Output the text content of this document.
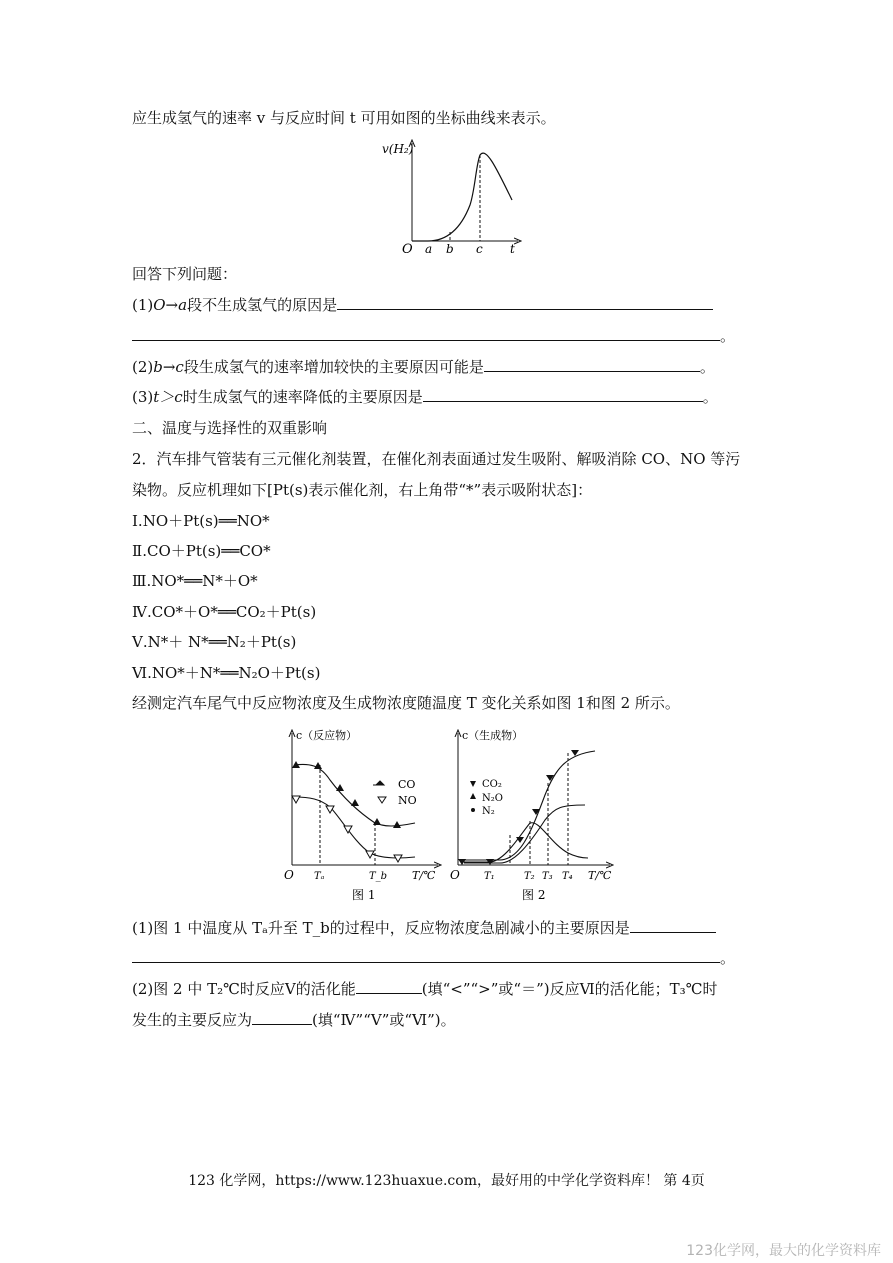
应生成氢气的速率 v 与反应时间 t 可用如图的坐标曲线来表示。
v(H₂)
O a b c t
回答下列问题：
(1)O→a段不生成氢气的原因是
。
(2)b→c段生成氢气的速率增加较快的主要原因可能是	。
(3)t＞c时生成氢气的速率降低的主要原因是	。
二、温度与选择性的双重影响
2．汽车排气管装有三元催化剂装置，在催化剂表面通过发生吸附、解吸消除 CO、NO 等污
染物。反应机理如下[Pt(s)表示催化剂，右上角带“*”表示吸附状态]：
Ⅰ.NO＋Pt(s)══NO*
Ⅱ.CO＋Pt(s)══CO*
Ⅲ.NO*══N*＋O*
Ⅳ.CO*＋O*══CO₂＋Pt(s)
Ⅴ.N*＋ N*══N₂＋Pt(s)
Ⅵ.NO*＋N*══N₂O＋Pt(s)
经测定汽车尾气中反应物浓度及生成物浓度随温度 T 变化关系如图 1和图 2 所示。
c（反应物）
O Tₐ	T_b T/℃
CO
NO
图 1
c（生成物）
O T₁	T₂ T₃ T₄ T/℃
CO₂
N₂O
N₂
图 2
(1)图 1 中温度从 Tₐ升至 T_b的过程中，反应物浓度急剧减小的主要原因是
。
(2)图 2 中 T₂℃时反应Ⅴ的活化能	(填“<”“>”或“＝”)反应Ⅵ的活化能；T₃℃时
发生的主要反应为	(填“Ⅳ”“Ⅴ”或“Ⅵ”)。
123 化学网，https://www.123huaxue.com，最好用的中学化学资料库！ 第 4页
123化学网，最大的化学资料库
